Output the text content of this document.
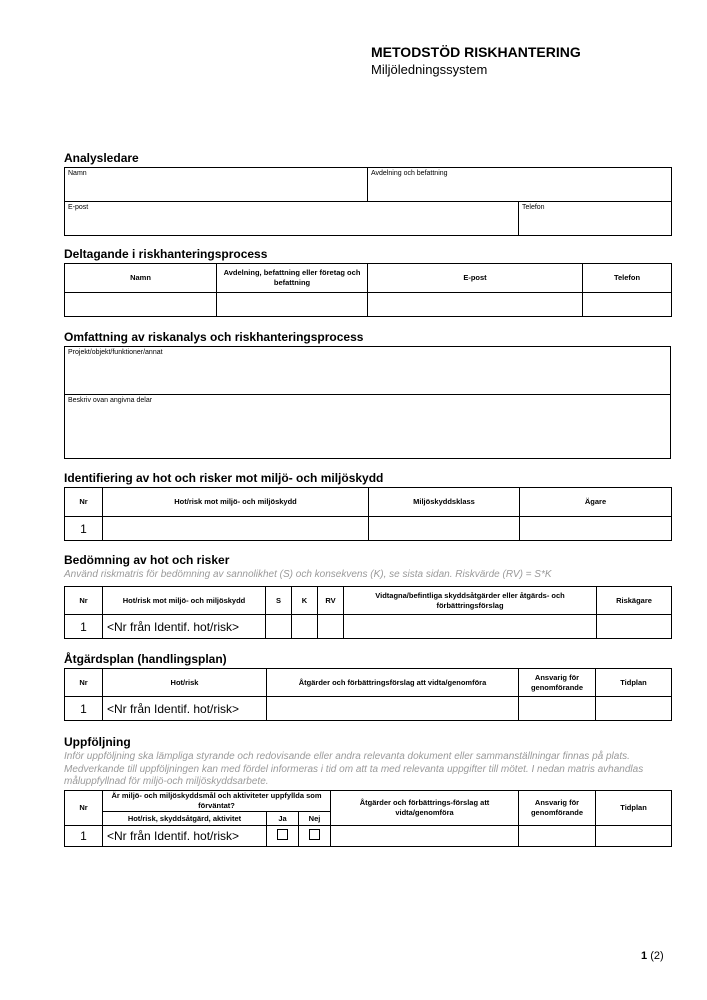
METODSTÖD RISKHANTERING
Miljöledningssystem
Analysledare
Namn	Avdelning och befattning	
E-post		Telefon
Deltagande i riskhanteringsprocess
Namn	Avdelning, befattning eller företag och befattning	E-post	Telefon

Omfattning av riskanalys och riskhanteringsprocess
Projekt/objekt/funktioner/annat
Beskriv ovan angivna delar
Identifiering av hot och risker mot miljö- och miljöskydd
Nr	Hot/risk mot miljö- och miljöskydd	Miljöskyddsklass	Ägare
1			
Bedömning av hot och risker
Använd riskmatris för bedömning av sannolikhet (S) och konsekvens (K), se sista sidan. Riskvärde (RV) = S*K
Nr	Hot/risk mot miljö- och miljöskydd	S	K	RV	Vidtagna/befintliga skyddsåtgärder eller åtgärds- och förbättringsförslag	Riskägare
1	<Nr från Identif. hot/risk>					
Åtgärdsplan (handlingsplan)
Nr	Hot/risk	Åtgärder och förbättringsförslag att vidta/genomföra	Ansvarig för genomförande	Tidplan
1	<Nr från Identif. hot/risk>			
Uppföljning
Inför uppföljning ska lämpliga styrande och redovisande eller andra relevanta dokument eller sammanställningar finnas på plats. Medverkande till uppföljningen kan med fördel informeras i tid om att ta med relevanta uppgifter till mötet. I nedan matris avhandlas måluppfyllnad för miljö-och miljöskyddsarbete.
Nr	Är miljö- och miljöskyddsmål och aktiviteter uppfyllda som förväntat?			Åtgärder och förbättrings-förslag att vidta/genomföra	Ansvarig för genomförande	Tidplan
	Hot/risk, skyddsåtgärd, aktivitet	Ja	Nej			
1	<Nr från Identif. hot/risk>					
1 (2)
